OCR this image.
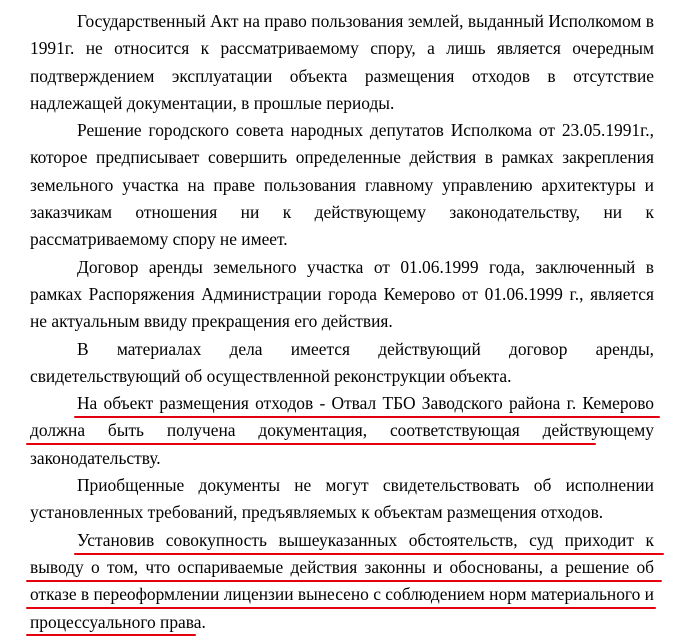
Государственный Акт на право пользования землей, выданный Исполкомом в 1991г. не относится к рассматриваемому спору, а лишь является очередным подтверждением эксплуатации объекта размещения отходов в отсутствие надлежащей документации, в прошлые периоды.

Решение городского совета народных депутатов Исполкома от 23.05.1991г., которое предписывает совершить определенные действия в рамках закрепления земельного участка на праве пользования главному управлению архитектуры и заказчикам отношения ни к действующему законодательству, ни к рассматриваемому спору не имеет.

Договор аренды земельного участка от 01.06.1999 года, заключенный в рамках Распоряжения Администрации города Кемерово от 01.06.1999 г., является не актуальным ввиду прекращения его действия.

В материалах дела имеется действующий договор аренды, свидетельствующий об осуществленной реконструкции объекта.

На объект размещения отходов - Отвал ТБО Заводского района г. Кемерово должна быть получена документация, соответствующая действующему законодательству.

Приобщенные документы не могут свидетельствовать об исполнении установленных требований, предъявляемых к объектам размещения отходов.

Установив совокупность вышеуказанных обстоятельств, суд приходит к выводу о том, что оспариваемые действия законны и обоснованы, а решение об отказе в переоформлении лицензии вынесено с соблюдением норм материального и процессуального права.
